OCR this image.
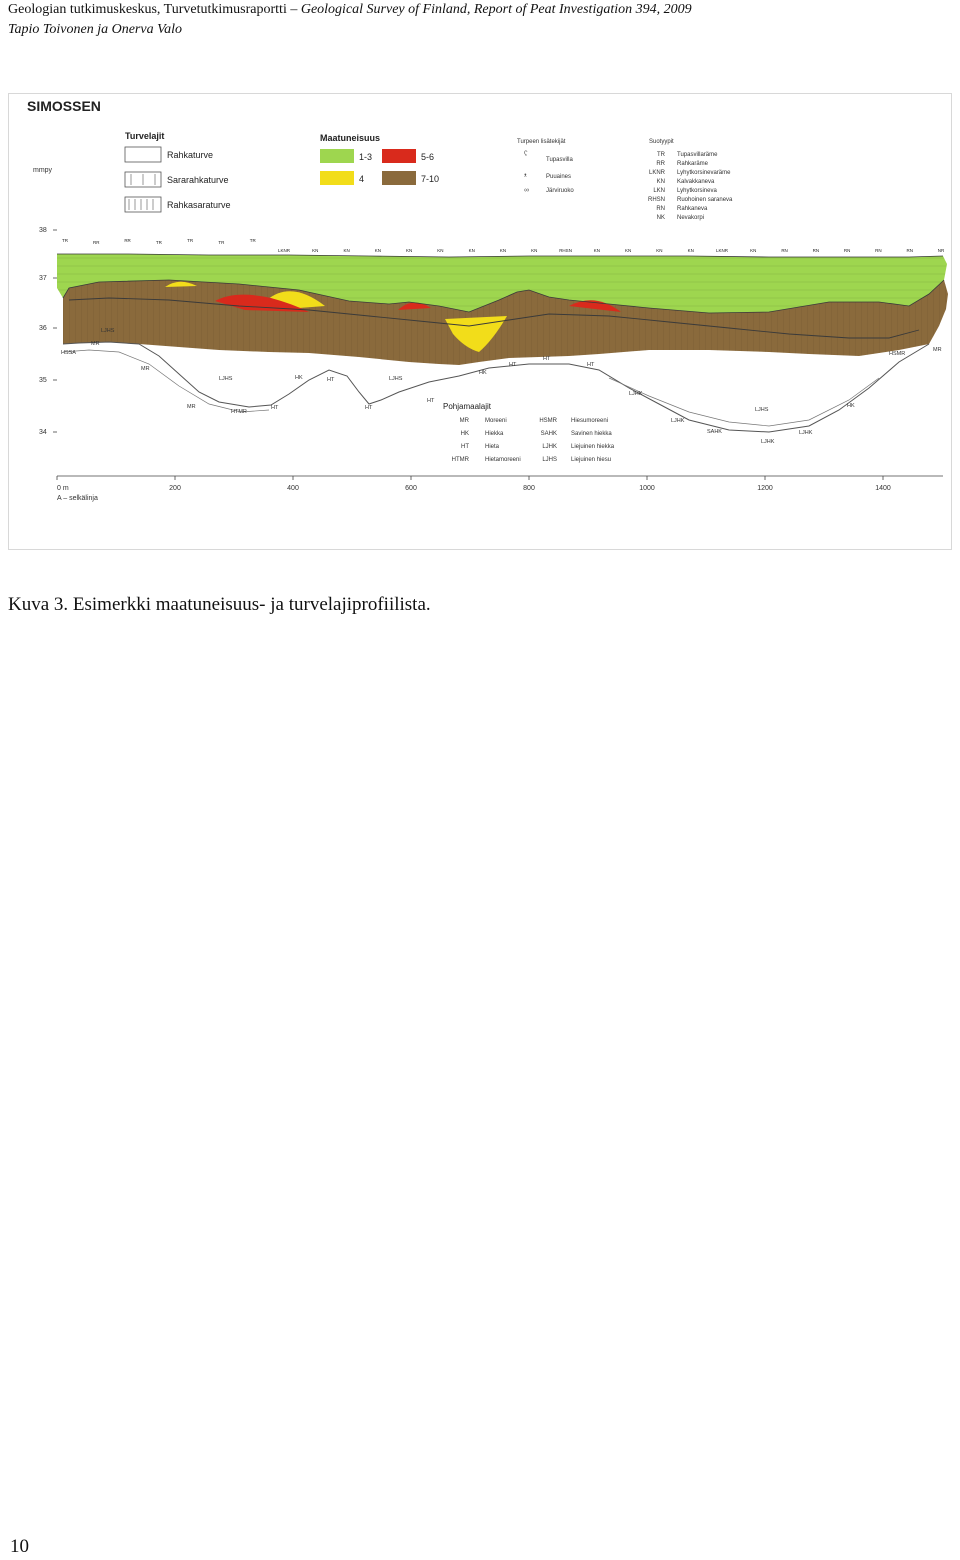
Geologian tutkimuskeskus, Turvetutkimusraportti – Geological Survey of Finland, Report of Peat Investigation 394, 2009
Tapio Toivonen ja Onerva Valo
SIMOSSEN
Turvelajit
Rahkaturve
Sararahkaturve
Rahkasaraturve
Maatuneisuus
1-3	5-6
4	7-10
Turpeen lisätekijät
ʕ
Tupasvilla
ᵜ	Puuaines
∞	Järviruoko
Suotyypit
TR Tupasvillaräme
RR Rahkaräme
LKNR Lyhytkorsinevaräme
KN Kalvakkaneva
LKN Lyhytkorsineva
RHSN Ruohoinen saraneva
RN Rahkaneva
NK Nevakorpi
mmpy
38
37
36
35
34
TR	RR	RR	TR	TR	TR	TR
LKNR	KN	KN	KN	KN	KN	KN	KN	KN	RHSN	KN	KN	KN	KN	LKNR	KN	RN	RN	RN	RN	RN	NR
HSSA
MR
LJHS
MR
MR
HTMR
HT
LJHS	HK	HT	LJHS
HT
HT
HK
HT
HT
HT
LJHK
LJHK
LJHS
SAHK
LJHK
LJHK
HK
HSMR
MR
Pohjamaalajit
MR	Moreeni	HSMR Hiesumoreeni
HK	Hiekka	SAHK Savinen hiekka
HT	Hieta	LJHK Liejuinen hiekka
HTMR	Hietamoreeni	LJHS Liejuinen hiesu
0 m	200	400	600	800	1000	1200	1400
A – selkälinja
Kuva 3. Esimerkki maatuneisuus- ja turvelajiprofiilista.
10
